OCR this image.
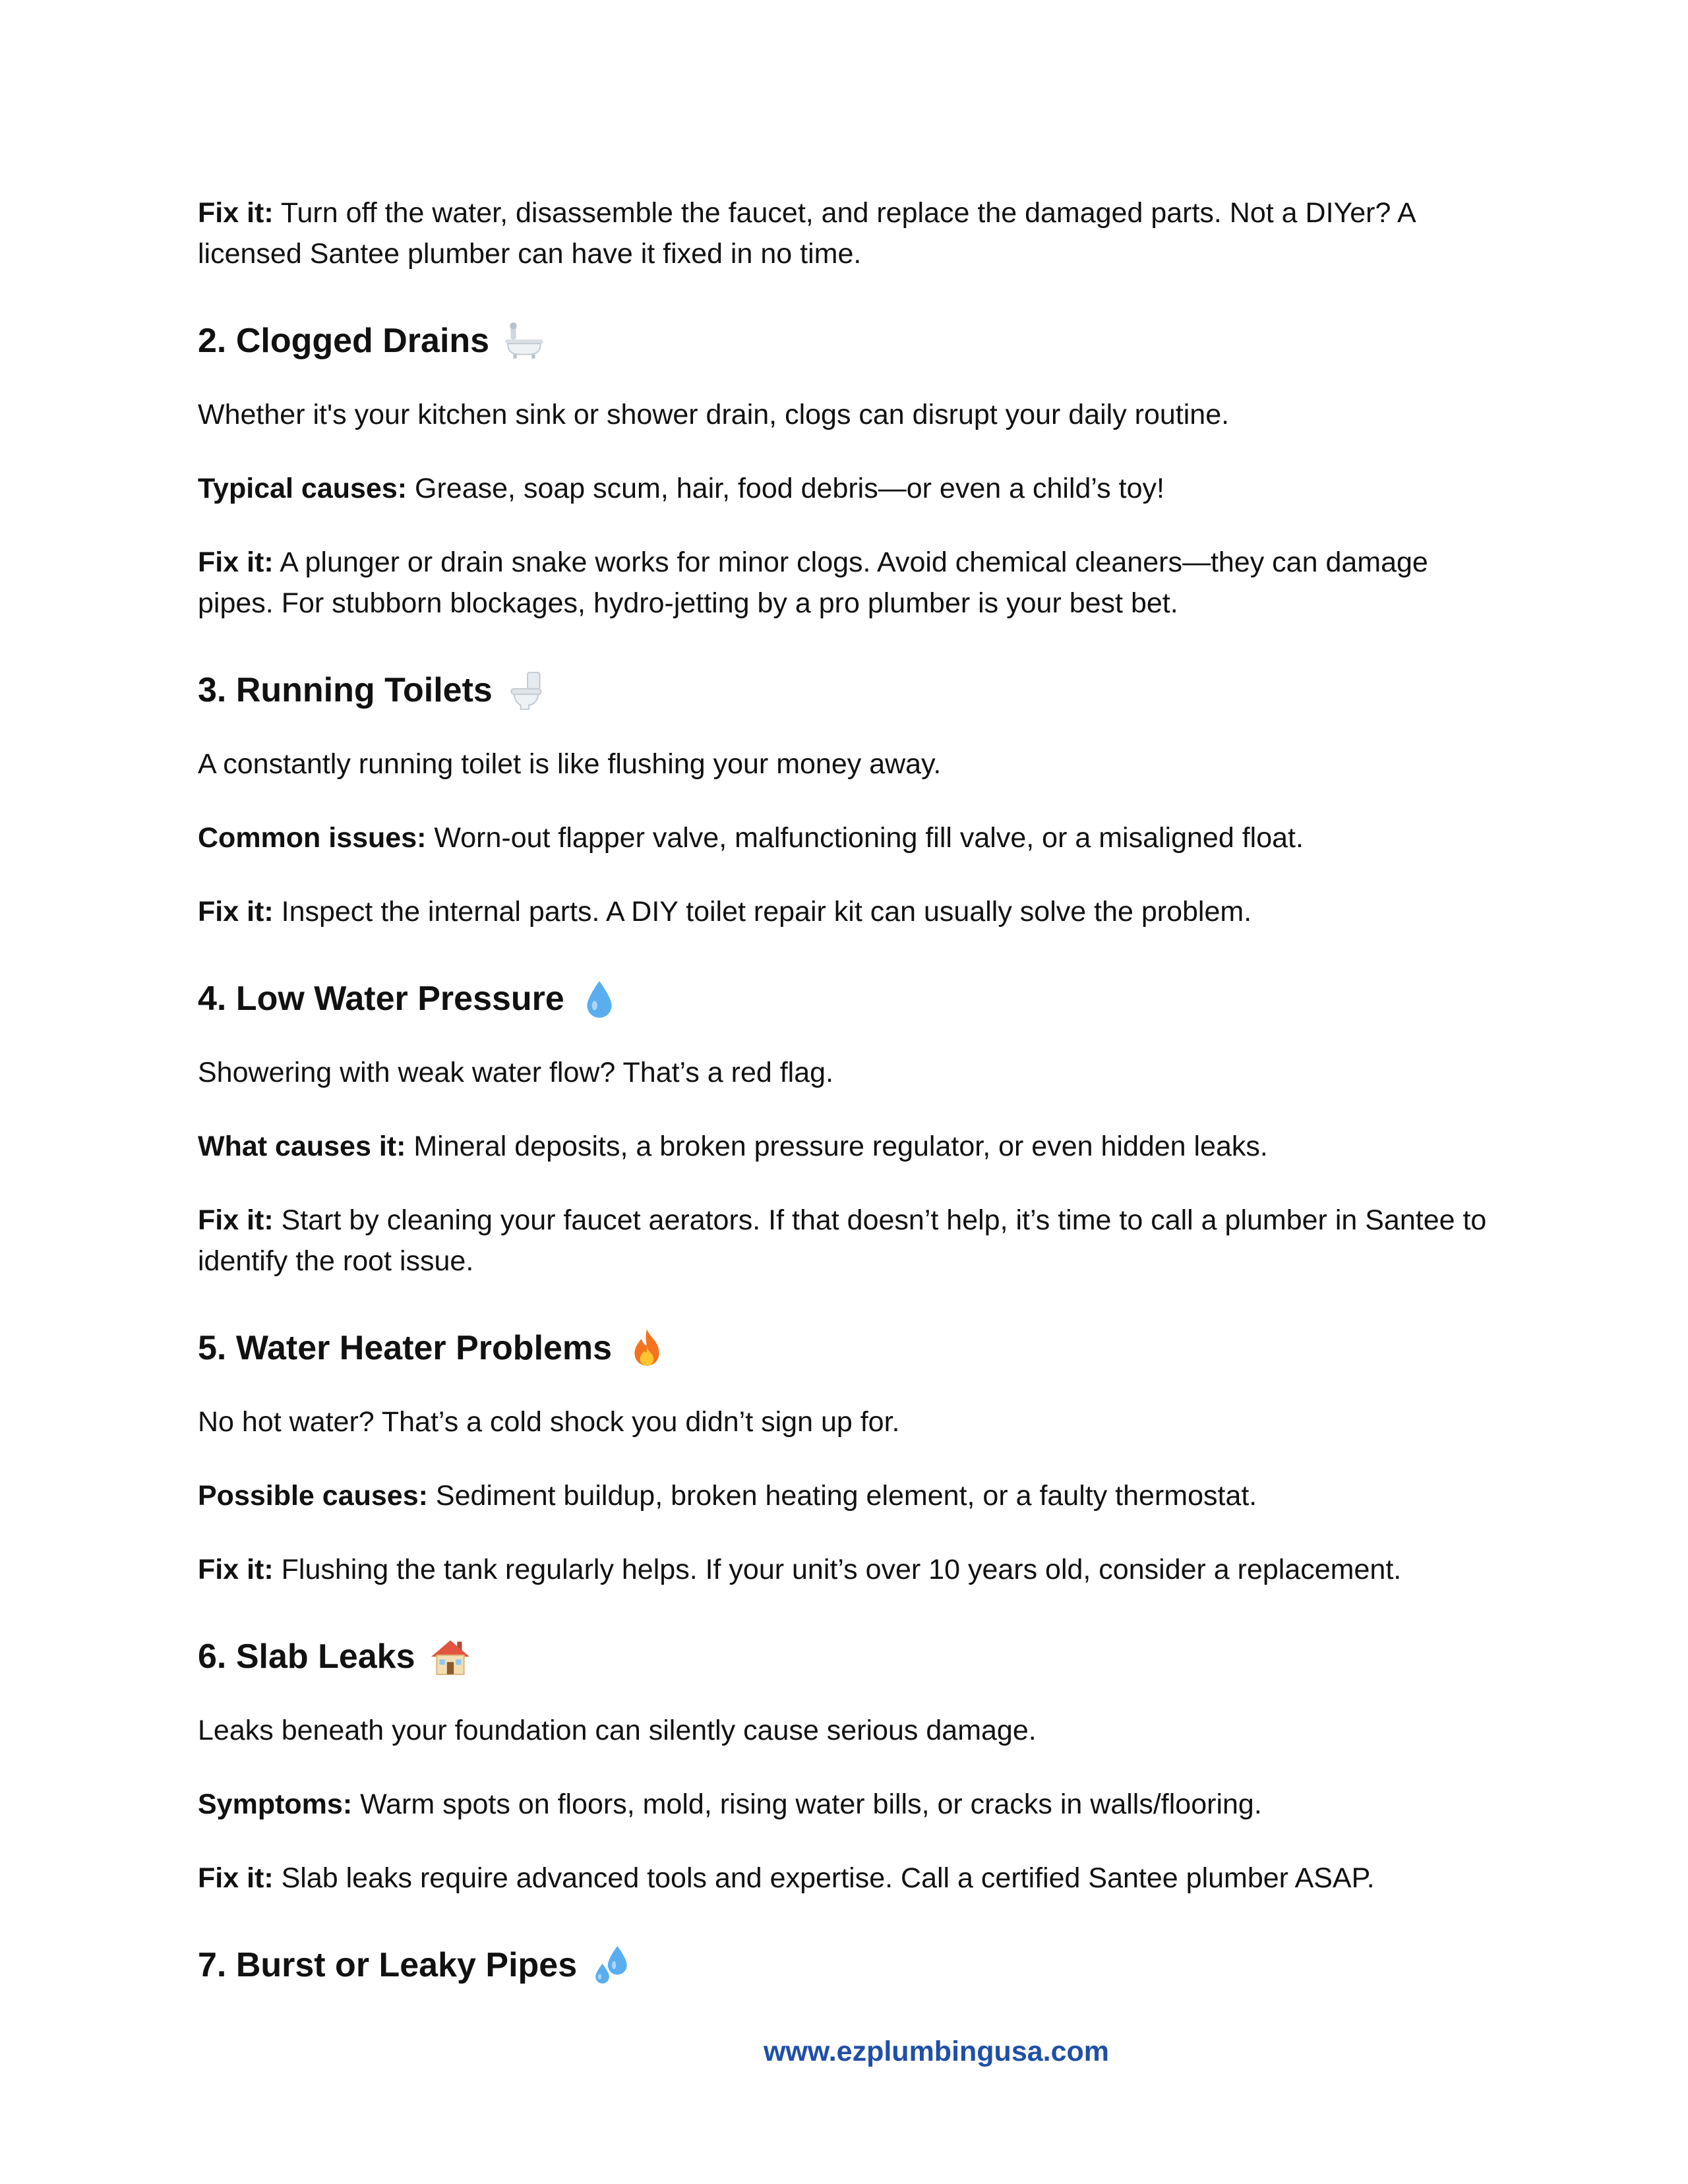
Fix it: Turn off the water, disassemble the faucet, and replace the damaged parts. Not a DIYer? A licensed Santee plumber can have it fixed in no time.

2. Clogged Drains

Whether it's your kitchen sink or shower drain, clogs can disrupt your daily routine.

Typical causes: Grease, soap scum, hair, food debris—or even a child’s toy!

Fix it: A plunger or drain snake works for minor clogs. Avoid chemical cleaners—they can damage pipes. For stubborn blockages, hydro-jetting by a pro plumber is your best bet.

3. Running Toilets

A constantly running toilet is like flushing your money away.

Common issues: Worn-out flapper valve, malfunctioning fill valve, or a misaligned float.

Fix it: Inspect the internal parts. A DIY toilet repair kit can usually solve the problem.

4. Low Water Pressure

Showering with weak water flow? That’s a red flag.

What causes it: Mineral deposits, a broken pressure regulator, or even hidden leaks.

Fix it: Start by cleaning your faucet aerators. If that doesn’t help, it’s time to call a plumber in Santee to identify the root issue.

5. Water Heater Problems

No hot water? That’s a cold shock you didn’t sign up for.

Possible causes: Sediment buildup, broken heating element, or a faulty thermostat.

Fix it: Flushing the tank regularly helps. If your unit’s over 10 years old, consider a replacement.

6. Slab Leaks

Leaks beneath your foundation can silently cause serious damage.

Symptoms: Warm spots on floors, mold, rising water bills, or cracks in walls/flooring.

Fix it: Slab leaks require advanced tools and expertise. Call a certified Santee plumber ASAP.

7. Burst or Leaky Pipes
www.ezplumbingusa.com
